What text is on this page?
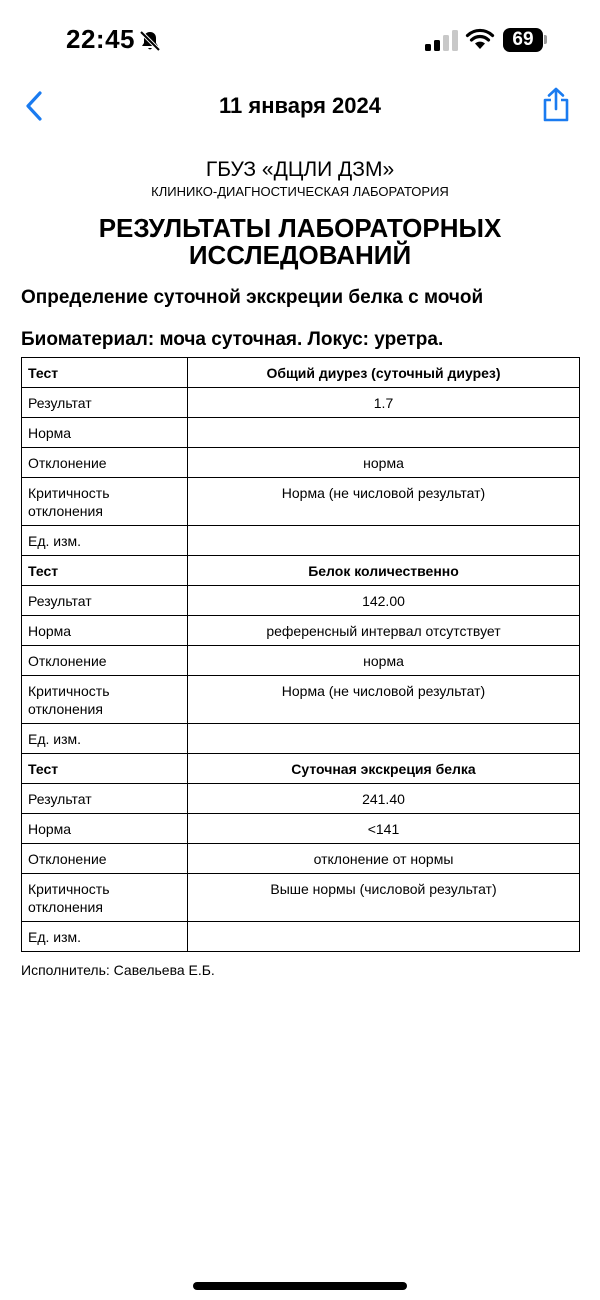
22:45	69
11 января 2024
ГБУЗ «ДЦЛИ ДЗМ»
КЛИНИКО-ДИАГНОСТИЧЕСКАЯ ЛАБОРАТОРИЯ
РЕЗУЛЬТАТЫ ЛАБОРАТОРНЫХ
ИССЛЕДОВАНИЙ
Определение суточной экскреции белка с мочой
Биоматериал: моча суточная. Локус: уретра.
Тест	Общий диурез (суточный диурез)
Результат	1.7
Норма	
Отклонение	норма
Критичность
отклонения	Норма (не числовой результат)
Ед. изм.	
Тест	Белок количественно
Результат	142.00
Норма	референсный интервал отсутствует
Отклонение	норма
Критичность
отклонения	Норма (не числовой результат)
Ед. изм.	
Тест	Суточная экскреция белка
Результат	241.40
Норма	<141
Отклонение	отклонение от нормы
Критичность
отклонения	Выше нормы (числовой результат)
Ед. изм.	
Исполнитель: Савельева Е.Б.
